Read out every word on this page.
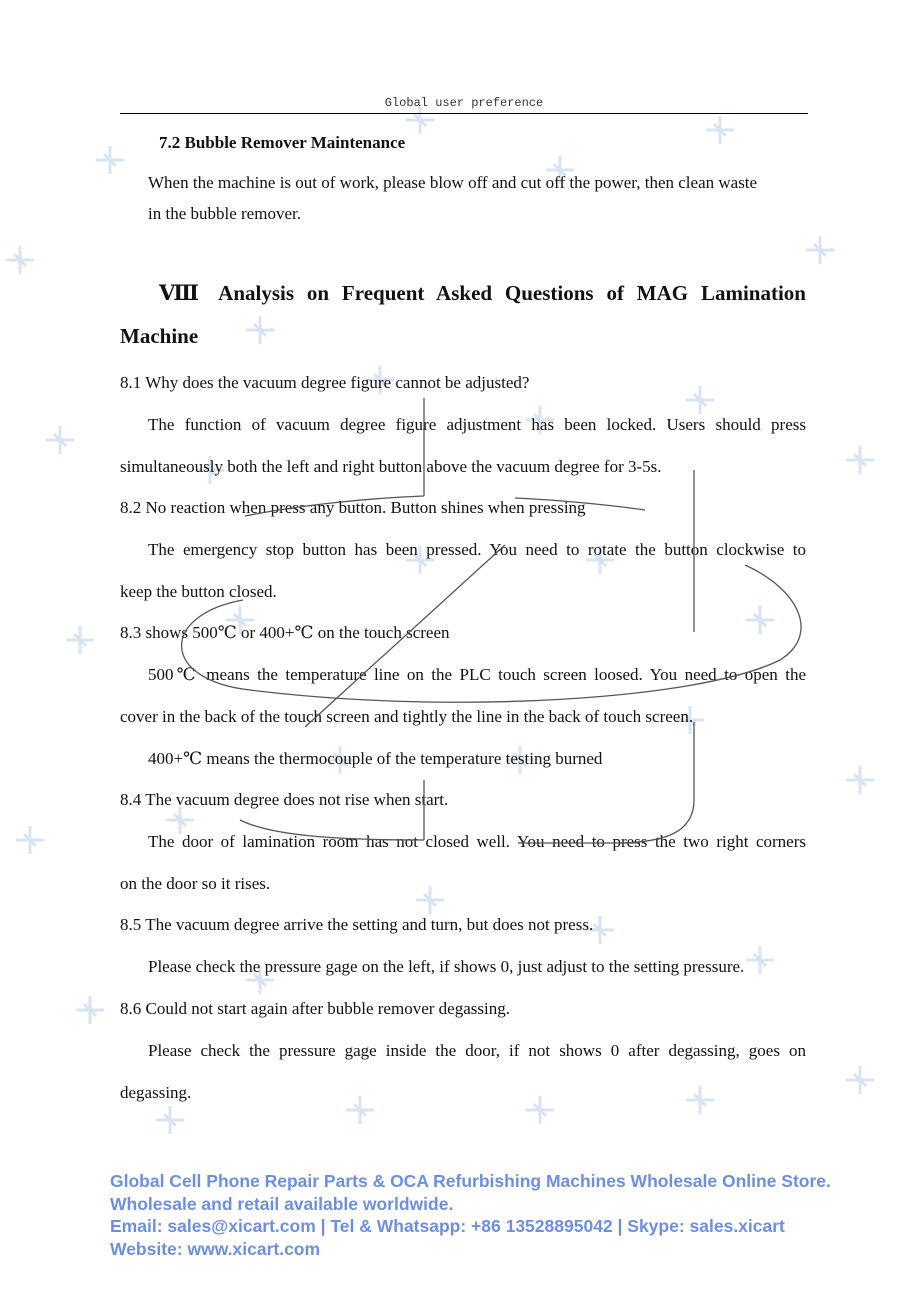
Global user preference
7.2 Bubble Remover Maintenance
When the machine is out of work, please blow off and cut off the power, then clean waste
in the bubble remover.
Ⅷ Analysis on Frequent Asked Questions of MAG Lamination
Machine
8.1 Why does the vacuum degree figure cannot be adjusted?
The function of vacuum degree figure adjustment has been locked. Users should press
simultaneously both the left and right button above the vacuum degree for 3-5s.
8.2 No reaction when press any button. Button shines when pressing
The emergency stop button has been pressed. You need to rotate the button clockwise to
keep the button closed.
8.3 shows 500℃ or 400+℃ on the touch screen
500℃ means the temperature line on the PLC touch screen loosed. You need to open the
cover in the back of the touch screen and tightly the line in the back of touch screen.
400+℃ means the thermocouple of the temperature testing burned
8.4 The vacuum degree does not rise when start.
The door of lamination room has not closed well. You need to press the two right corners
on the door so it rises.
8.5 The vacuum degree arrive the setting and turn, but does not press.
Please check the pressure gage on the left, if shows 0, just adjust to the setting pressure.
8.6 Could not start again after bubble remover degassing.
Please check the pressure gage inside the door, if not shows 0 after degassing, goes on
degassing.
Global Cell Phone Repair Parts & OCA Refurbishing Machines Wholesale Online Store.
Wholesale and retail available worldwide.
Email: sales@xicart.com | Tel & Whatsapp: +86 13528895042 | Skype: sales.xicart
Website: www.xicart.com
